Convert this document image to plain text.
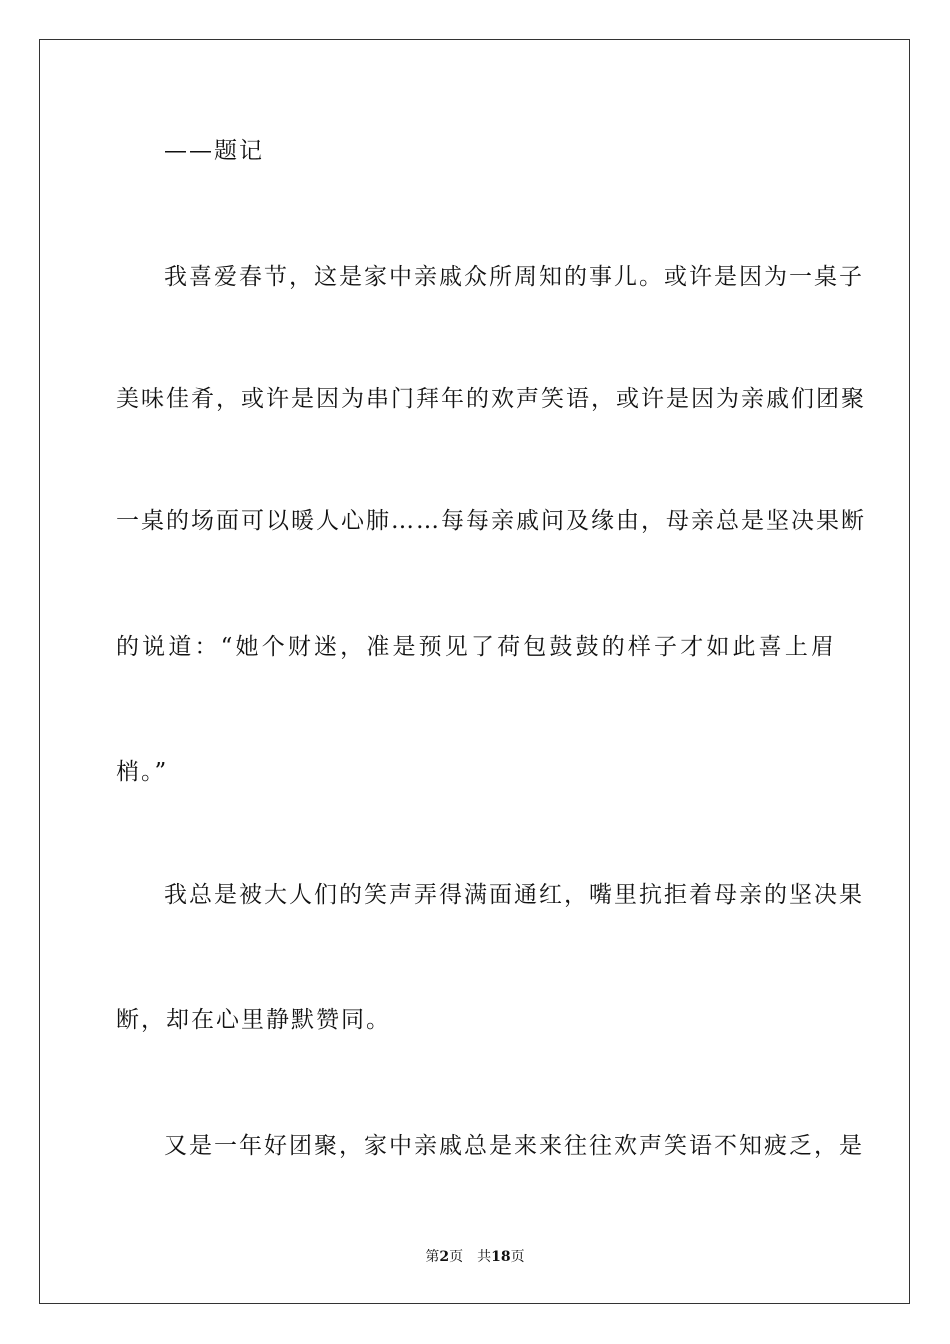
——题记
我喜爱春节，这是家中亲戚众所周知的事儿。或许是因为一桌子
美味佳肴，或许是因为串门拜年的欢声笑语，或许是因为亲戚们团聚
一桌的场面可以暖人心肺……每每亲戚问及缘由，母亲总是坚决果断
的说道：“她个财迷，准是预见了荷包鼓鼓的样子才如此喜上眉
梢。”
我总是被大人们的笑声弄得满面通红，嘴里抗拒着母亲的坚决果
断，却在心里静默赞同。
又是一年好团聚，家中亲戚总是来来往往欢声笑语不知疲乏，是
第2页 共18页
